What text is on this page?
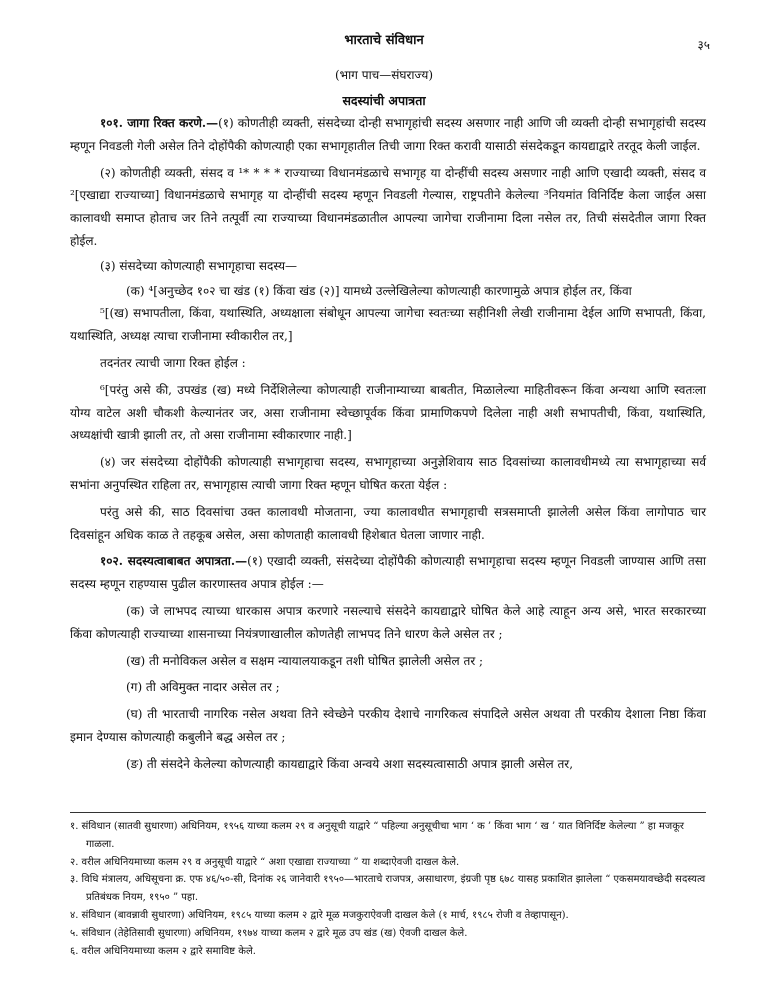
भारताचे संविधान	३५
(भाग पाच—संघराज्य)
सदस्यांची अपात्रता

१०१. जागा रिक्त करणे.—(१) कोणतीही व्यक्ती, संसदेच्या दोन्ही सभागृहांची सदस्य असणार नाही आणि जी व्यक्ती दोन्ही सभागृहांची सदस्य म्हणून निवडली गेली असेल तिने दोहोंपैकी कोणत्याही एका सभागृहातील तिची जागा रिक्त करावी यासाठी संसदेकडून कायद्याद्वारे तरतूद केली जाईल.

(२) कोणतीही व्यक्ती, संसद व ¹* * * * राज्याच्या विधानमंडळाचे सभागृह या दोन्हींची सदस्य असणार नाही आणि एखादी व्यक्ती, संसद व ²[एखाद्या राज्याच्या] विधानमंडळाचे सभागृह या दोन्हींची सदस्य म्हणून निवडली गेल्यास, राष्ट्रपतीने केलेल्या ³नियमांत विनिर्दिष्ट केला जाईल असा कालावधी समाप्त होताच जर तिने तत्पूर्वी त्या राज्याच्या विधानमंडळातील आपल्या जागेचा राजीनामा दिला नसेल तर, तिची संसदेतील जागा रिक्त होईल.

(३) संसदेच्या कोणत्याही सभागृहाचा सदस्य—

(क) ⁴[अनुच्छेद १०२ चा खंड (१) किंवा खंड (२)] यामध्ये उल्लेखिलेल्या कोणत्याही कारणामुळे अपात्र होईल तर, किंवा

⁵[(ख) सभापतीला, किंवा, यथास्थिति, अध्यक्षाला संबोधून आपल्या जागेचा स्वतःच्या सहीनिशी लेखी राजीनामा देईल आणि सभापती, किंवा, यथास्थिति, अध्यक्ष त्याचा राजीनामा स्वीकारील तर,]

तदनंतर त्याची जागा रिक्त होईल :

⁶[परंतु असे की, उपखंड (ख) मध्ये निर्देशिलेल्या कोणत्याही राजीनाम्याच्या बाबतीत, मिळालेल्या माहितीवरून किंवा अन्यथा आणि स्वतःला योग्य वाटेल अशी चौकशी केल्यानंतर जर, असा राजीनामा स्वेच्छापूर्वक किंवा प्रामाणिकपणे दिलेला नाही अशी सभापतीची, किंवा, यथास्थिति, अध्यक्षांची खात्री झाली तर, तो असा राजीनामा स्वीकारणार नाही.]

(४) जर संसदेच्या दोहोंपैकी कोणत्याही सभागृहाचा सदस्य, सभागृहाच्या अनुज्ञेशिवाय साठ दिवसांच्या कालावधीमध्ये त्या सभागृहाच्या सर्व सभांना अनुपस्थित राहिला तर, सभागृहास त्याची जागा रिक्त म्हणून घोषित करता येईल :

परंतु असे की, साठ दिवसांचा उक्त कालावधी मोजताना, ज्या कालावधीत सभागृहाची सत्रसमाप्ती झालेली असेल किंवा लागोपाठ चार दिवसांहून अधिक काळ ते तहकूब असेल, असा कोणताही कालावधी हिशेबात घेतला जाणार नाही.

१०२. सदस्यत्वाबाबत अपात्रता.—(१) एखादी व्यक्ती, संसदेच्या दोहोंपैकी कोणत्याही सभागृहाचा सदस्य म्हणून निवडली जाण्यास आणि तसा सदस्य म्हणून राहण्यास पुढील कारणास्तव अपात्र होईल :—

(क) जे लाभपद त्याच्या धारकास अपात्र करणारे नसल्याचे संसदेने कायद्याद्वारे घोषित केले आहे त्याहून अन्य असे, भारत सरकारच्या किंवा कोणत्याही राज्याच्या शासनाच्या नियंत्रणाखालील कोणतेही लाभपद तिने धारण केले असेल तर ;

(ख) ती मनोविकल असेल व सक्षम न्यायालयाकडून तशी घोषित झालेली असेल तर ;

(ग) ती अविमुक्त नादार असेल तर ;

(घ) ती भारताची नागरिक नसेल अथवा तिने स्वेच्छेने परकीय देशाचे नागरिकत्व संपादिले असेल अथवा ती परकीय देशाला निष्ठा किंवा इमान देण्यास कोणत्याही कबुलीने बद्ध असेल तर ;

(ङ) ती संसदेने केलेल्या कोणत्याही कायद्याद्वारे किंवा अन्वये अशा सदस्यत्वासाठी अपात्र झाली असेल तर,

१. संविधान (सातवी सुधारणा) अधिनियम, १९५६ याच्या कलम २९ व अनुसूची याद्वारे “ पहिल्या अनुसूचीचा भाग ‘ क ’ किंवा भाग ‘ ख ’ यात विनिर्दिष्ट केलेल्या ” हा मजकूर गाळला.

२. वरील अधिनियमाच्या कलम २९ व अनुसूची याद्वारे “ अशा एखाद्या राज्याच्या ” या शब्दाऐवजी दाखल केले.

३. विधि मंत्रालय, अधिसूचना क्र. एफ ४६/५०-सी, दिनांक २६ जानेवारी १९५०—भारताचे राजपत्र, असाधारण, इंग्रजी पृष्ठ ६७८ यासह प्रकाशित झालेला “ एकसमयावच्छेदी सदस्यत्व प्रतिबंधक नियम, १९५० ” पहा.

४. संविधान (बावन्नावी सुधारणा) अधिनियम, १९८५ याच्या कलम २ द्वारे मूळ मजकुराऐवजी दाखल केले (१ मार्च, १९८५ रोजी व तेव्हापासून).

५. संविधान (तेहेतिसावी सुधारणा) अधिनियम, १९७४ याच्या कलम २ द्वारे मूळ उप खंड (ख) ऐवजी दाखल केले.

६. वरील अधिनियमाच्या कलम २ द्वारे समाविष्ट केले.
